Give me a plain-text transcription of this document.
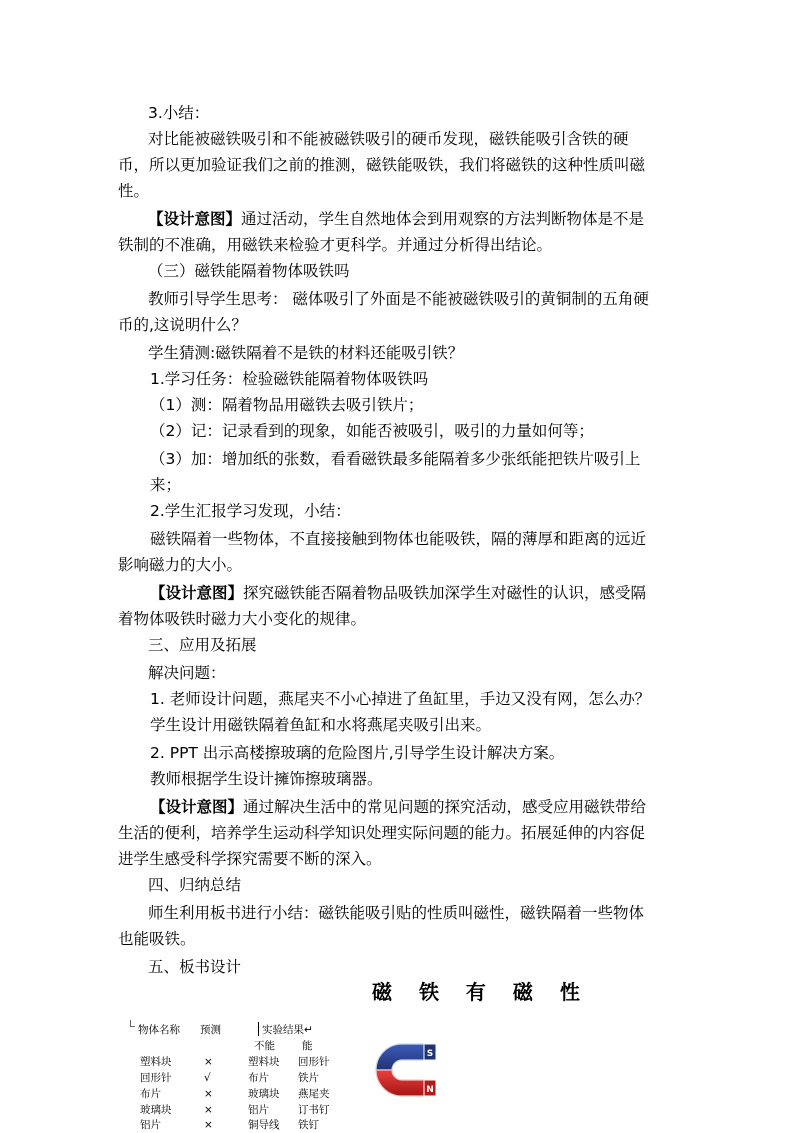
3.小结：
对比能被磁铁吸引和不能被磁铁吸引的硬币发现，磁铁能吸引含铁的硬
币，所以更加验证我们之前的推测，磁铁能吸铁，我们将磁铁的这种性质叫磁
性。
【设计意图】通过活动，学生自然地体会到用观察的方法判断物体是不是
铁制的不准确，用磁铁来检验才更科学。并通过分析得出结论。
（三）磁铁能隔着物体吸铁吗
教师引导学生思考： 磁体吸引了外面是不能被磁铁吸引的黄铜制的五角硬
币的,这说明什么？
学生猜测:磁铁隔着不是铁的材料还能吸引铁？
1.学习任务：检验磁铁能隔着物体吸铁吗
（1）测：隔着物品用磁铁去吸引铁片；
（2）记：记录看到的现象，如能否被吸引，吸引的力量如何等；
（3）加：增加纸的张数，看看磁铁最多能隔着多少张纸能把铁片吸引上
来；
2.学生汇报学习发现，小结：
磁铁隔着一些物体，不直接接触到物体也能吸铁，隔的薄厚和距离的远近
影响磁力的大小。
【设计意图】探究磁铁能否隔着物品吸铁加深学生对磁性的认识，感受隔
着物体吸铁时磁力大小变化的规律。
三、应用及拓展
解决问题：
1. 老师设计问题，燕尾夹不小心掉进了鱼缸里，手边又没有网，怎么办？
学生设计用磁铁隔着鱼缸和水将燕尾夹吸引出来。
2. PPT 出示高楼擦玻璃的危险图片,引导学生设计解决方案。
教师根据学生设计擁饰擦玻璃器。
【设计意图】通过解决生活中的常见问题的探究活动，感受应用磁铁带给
生活的便利，培养学生运动科学知识处理实际问题的能力。拓展延伸的内容促
进学生感受科学探究需要不断的深入。
四、归纳总结
师生利用板书进行小结：磁铁能吸引贴的性质叫磁性，磁铁隔着一些物体
也能吸铁。
五、板书设计
磁 铁 有 磁 性
物体名称 预测	实验结果↵
不能	能
塑料块	×	塑料块 回形针
回形针	√	布片	铁片
布片	×	玻璃块 燕尾夹
玻璃块	×	铝片	订书钉
铝片	×	铜导线 铁钉
S
N
